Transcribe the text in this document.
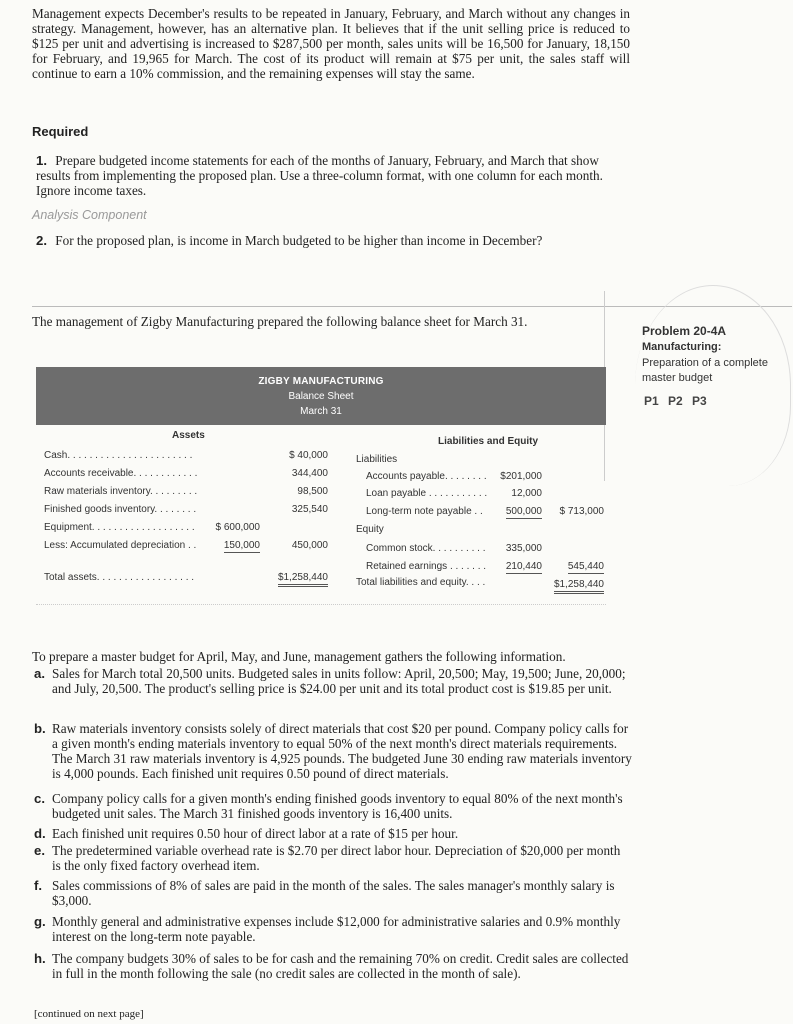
Management expects December's results to be repeated in January, February, and March without any changes in strategy. Management, however, has an alternative plan. It believes that if the unit selling price is reduced to $125 per unit and advertising is increased to $287,500 per month, sales units will be 16,500 for January, 18,150 for February, and 19,965 for March. The cost of its product will remain at $75 per unit, the sales staff will continue to earn a 10% commission, and the remaining expenses will stay the same.
Required
1. Prepare budgeted income statements for each of the months of January, February, and March that show results from implementing the proposed plan. Use a three-column format, with one column for each month. Ignore income taxes.
Analysis Component
2. For the proposed plan, is income in March budgeted to be higher than income in December?
The management of Zigby Manufacturing prepared the following balance sheet for March 31.
Problem 20-4A
Manufacturing:
Preparation of a complete master budget
P1 P2 P3
ZIGBY MANUFACTURING
Balance Sheet
March 31
Assets
Liabilities and Equity
Cash. . . . . . . . . . . . . . . . . . . . . . .	$ 40,000
Accounts receivable. . . . . . . . . . . .	344,400
Raw materials inventory. . . . . . . . .	98,500
Finished goods inventory. . . . . . . .	325,540
Equipment. . . . . . . . . . . . . . . . . . .	$ 600,000
Less: Accumulated depreciation . .	150,000	450,000
Total assets. . . . . . . . . . . . . . . . . .	$1,258,440
Liabilities
Accounts payable. . . . . . . .	$201,000
Loan payable . . . . . . . . . . .	12,000
Long-term note payable . .	500,000	$ 713,000
Equity
Common stock. . . . . . . . . .	335,000
Retained earnings . . . . . . .	210,440	545,440
Total liabilities and equity. . . .	$1,258,440
To prepare a master budget for April, May, and June, management gathers the following information.
a. Sales for March total 20,500 units. Budgeted sales in units follow: April, 20,500; May, 19,500; June, 20,000; and July, 20,500. The product's selling price is $24.00 per unit and its total product cost is $19.85 per unit.
b. Raw materials inventory consists solely of direct materials that cost $20 per pound. Company policy calls for a given month's ending materials inventory to equal 50% of the next month's direct materials requirements. The March 31 raw materials inventory is 4,925 pounds. The budgeted June 30 ending raw materials inventory is 4,000 pounds. Each finished unit requires 0.50 pound of direct materials.
c. Company policy calls for a given month's ending finished goods inventory to equal 80% of the next month's budgeted unit sales. The March 31 finished goods inventory is 16,400 units.
d. Each finished unit requires 0.50 hour of direct labor at a rate of $15 per hour.
e. The predetermined variable overhead rate is $2.70 per direct labor hour. Depreciation of $20,000 per month is the only fixed factory overhead item.
f. Sales commissions of 8% of sales are paid in the month of the sales. The sales manager's monthly salary is $3,000.
g. Monthly general and administrative expenses include $12,000 for administrative salaries and 0.9% monthly interest on the long-term note payable.
h. The company budgets 30% of sales to be for cash and the remaining 70% on credit. Credit sales are collected in full in the month following the sale (no credit sales are collected in the month of sale).
[continued on next page]
